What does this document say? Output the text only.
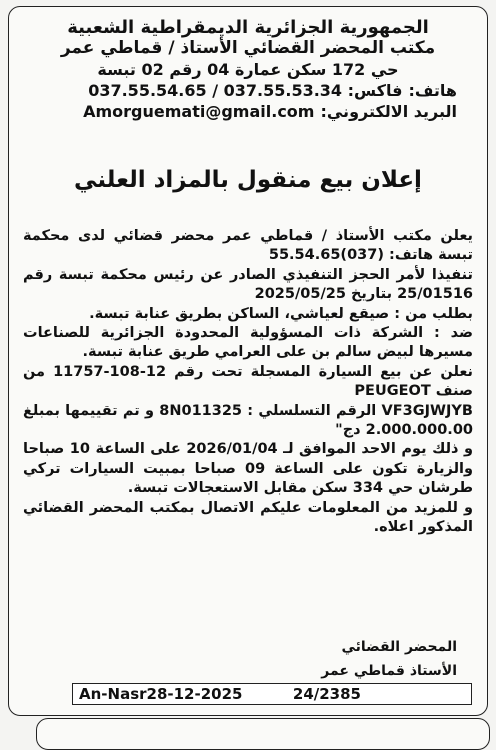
الجمهورية الجزائرية الديمقراطية الشعبية
مكتب المحضر القضائي الأستاذ / قماطي عمر
حي 172 سكن عمارة 04 رقم 02 تبسة
هاتف:
037.55.54.65 / فاكس: 037.55.53.34
البريد الالكتروني:
Amorguemati@gmail.com
إعلان بيع منقول بالمزاد العلني

يعلن مكتب الأستاذ / قماطي عمر محضر قضائي لدى محكمة تبسة هاتف: (037)55.54.65

تنفيذا لأمر الحجز التنفيذي الصادر عن رئيس محكمة تبسة رقم 25/01516 بتاريخ 2025/05/25

بطلب من : صيقع لعياشي، الساكن بطريق عنابة تبسة.

ضد : الشركة ذات المسؤولية المحدودة الجزائرية للصناعات مسيرها لبيض سالم بن على العرامي طريق عنابة تبسة.

نعلن عن بيع السيارة المسجلة تحت رقم 12-108-11757 من صنف PEUGEOT

VF3GJWJYB الرقم التسلسلي : 8N011325 و تم تقييمها بمبلغ 2.000.000.00 دج"

و ذلك يوم الاحد الموافق لـ 2026/01/04 على الساعة 10 صباحا والزيارة تكون على الساعة 09 صباحا بمبيت السيارات تركي طرشان حي 334 سكن مقابل الاستعجالات تبسة.

و للمزيد من المعلومات عليكم الاتصال بمكتب المحضر القضائي المذكور اعلاه.

المحضر القضائي
الأستاذ قماطي عمر
An-Nasr28-12-2025	24/2385
